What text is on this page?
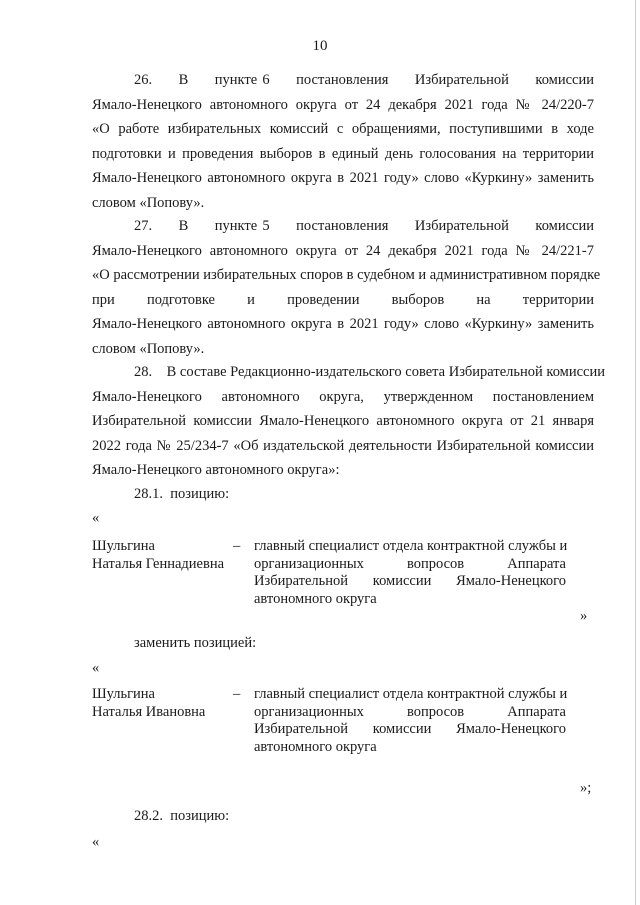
10
26.     В     пункте 6     постановления     Избирательной     комиссии
Ямало-Ненецкого автономного округа от 24 декабря 2021 года № 24/220-7
«О работе избирательных комиссий с обращениями, поступившими в ходе
подготовки и проведения выборов в единый день голосования на территории
Ямало-Ненецкого автономного округа в 2021 году» слово «Куркину» заменить
словом «Попову».
27.     В     пункте 5     постановления     Избирательной     комиссии
Ямало-Ненецкого автономного округа от 24 декабря 2021 года № 24/221-7
«О рассмотрении избирательных споров в судебном и административном порядке
при подготовке и проведении выборов на территории
Ямало-Ненецкого автономного округа в 2021 году» слово «Куркину» заменить
словом «Попову».
28.    В составе Редакционно-издательского совета Избирательной комиссии
Ямало-Ненецкого автономного округа, утвержденном постановлением
Избирательной комиссии Ямало-Ненецкого автономного округа от 21 января
2022 года № 25/234-7 «Об издательской деятельности Избирательной комиссии
Ямало-Ненецкого автономного округа»:
28.1.  позицию:
«
Шульгина
Наталья Геннадиевна
– главный специалист отдела контрактной службы и
организационных вопросов Аппарата
Избирательной комиссии Ямало-Ненецкого
автономного округа
»
заменить позицией:
«
Шульгина
Наталья Ивановна
– главный специалист отдела контрактной службы и
организационных вопросов Аппарата
Избирательной комиссии Ямало-Ненецкого
автономного округа
»;
28.2.  позицию:
«
